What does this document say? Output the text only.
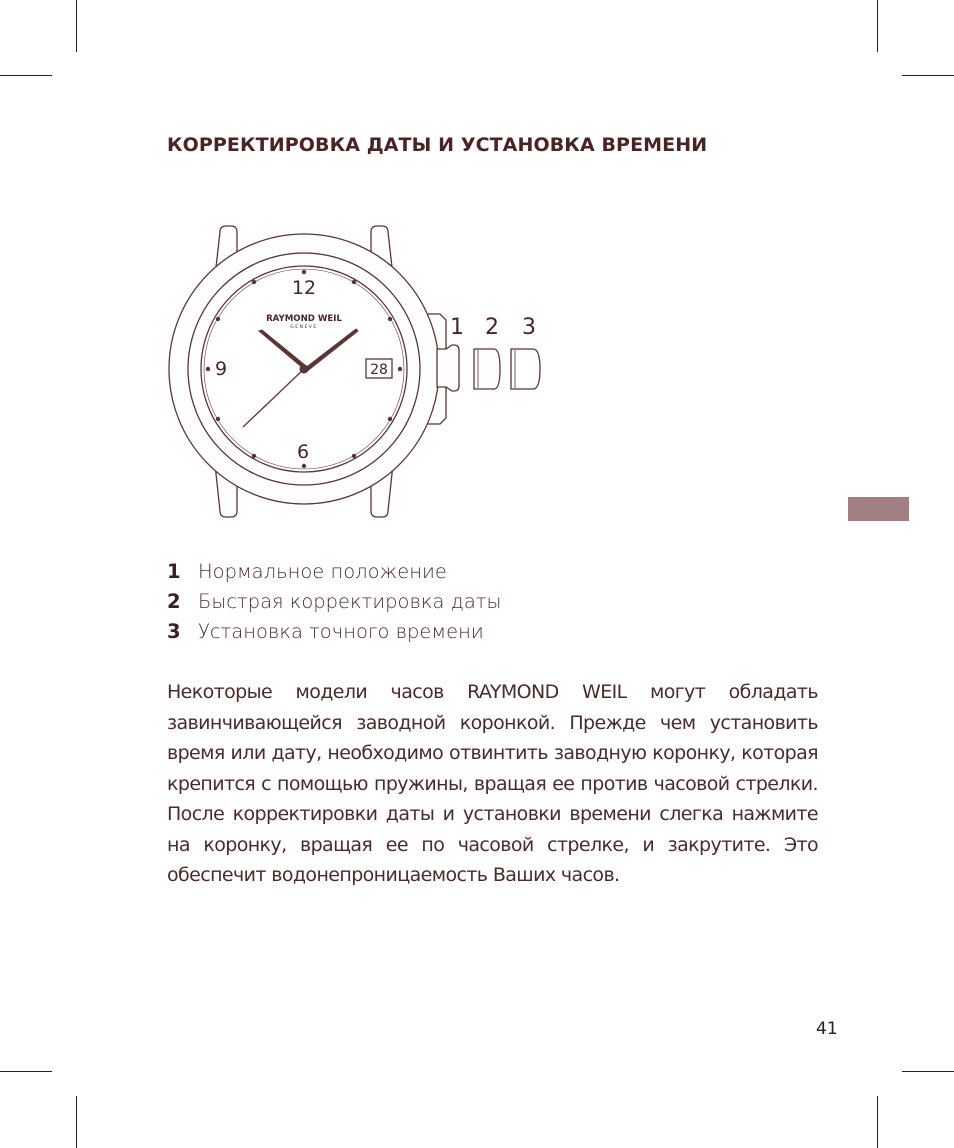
КОРРЕКТИРОВКА ДАТЫ И УСТАНОВКА ВРЕМЕНИ
12
9
6
28
RAYMOND WEIL
GENEVE	1 2 3
1 Нормальное положение
2 Быстрая корректировка даты
3 Установка точного времени

Некоторые модели часов RAYMOND WEIL могут обладать завинчивающейся заводной коронкой. Прежде чем установить время или дату, необходимо отвинтить заводную коронку, которая крепится с помощью пружины, вращая ее против часовой стрелки. После корректировки даты и установки времени слегка нажмите на коронку, вращая ее по часовой стрелке, и закрутите. Это обеспечит водонепроницаемость Ваших часов.

41
